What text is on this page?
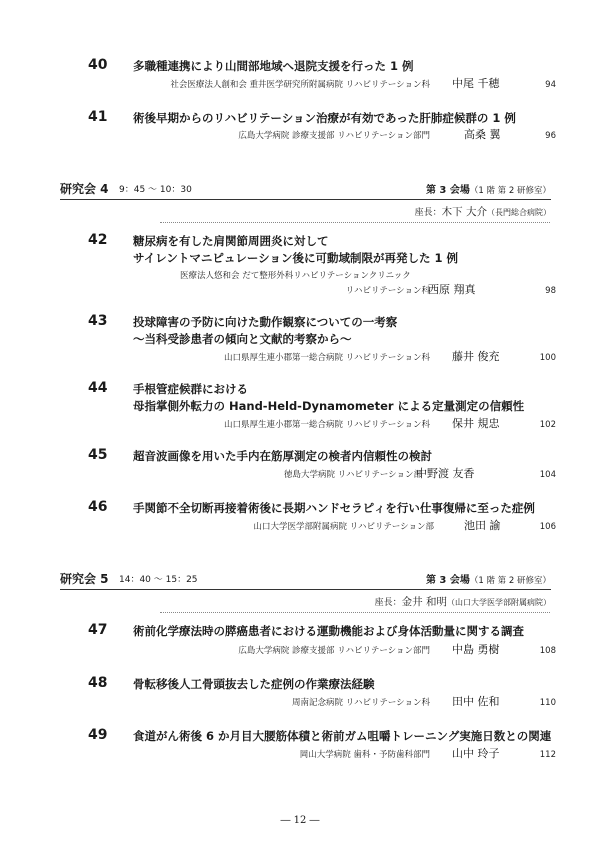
40 多職種連携により山間部地域へ退院支援を行った 1 例
社会医療法人創和会 重井医学研究所附属病院 リハビリテーション科 中尾 千穂	94
41 術後早期からのリハビリテーション治療が有効であった肝肺症候群の 1 例
広島大学病院 診療支援部 リハビリテーション部門	高桑 翼	96
研究会 4 9：45 〜 10：30	第 3 会場（1 階 第 2 研修室）
座長：木下 大介（長門総合病院）
42 糖尿病を有した肩関節周囲炎に対して
サイレントマニピュレーション後に可動域制限が再発した 1 例
医療法人悠和会 だて整形外科リハビリテーションクリニック
リハビリテーション科
西原 翔真	98
43 投球障害の予防に向けた動作観察についての一考察
〜当科受診患者の傾向と文献的考察から〜
山口県厚生連小郡第一総合病院 リハビリテーション科 藤井 俊充	100
44 手根管症候群における
母指掌側外転力の Hand-Held-Dynamometer による定量測定の信頼性
山口県厚生連小郡第一総合病院 リハビリテーション科 保井 規忠	102
45 超音波画像を用いた手内在筋厚測定の検者内信頼性の検討
徳島大学病院 リハビリテーション部
中野渡 友香	104
46 手関節不全切断再接着術後に長期ハンドセラピィを行い仕事復帰に至った症例
山口大学医学部附属病院 リハビリテーション部	池田 諭	106
研究会 5 14：40 〜 15：25	第 3 会場（1 階 第 2 研修室）
座長：金井 和明（山口大学医学部附属病院）
47 術前化学療法時の膵癌患者における運動機能および身体活動量に関する調査
広島大学病院 診療支援部 リハビリテーション部門 中島 勇樹	108
48 骨転移後人工骨頭抜去した症例の作業療法経験
周南記念病院 リハビリテーション科 田中 佐和	110
49 食道がん術後 6 か月目大腰筋体積と術前ガム咀嚼トレーニング実施日数との関連
岡山大学病院 歯科・予防歯科部門 山中 玲子	112
― 12 ―
